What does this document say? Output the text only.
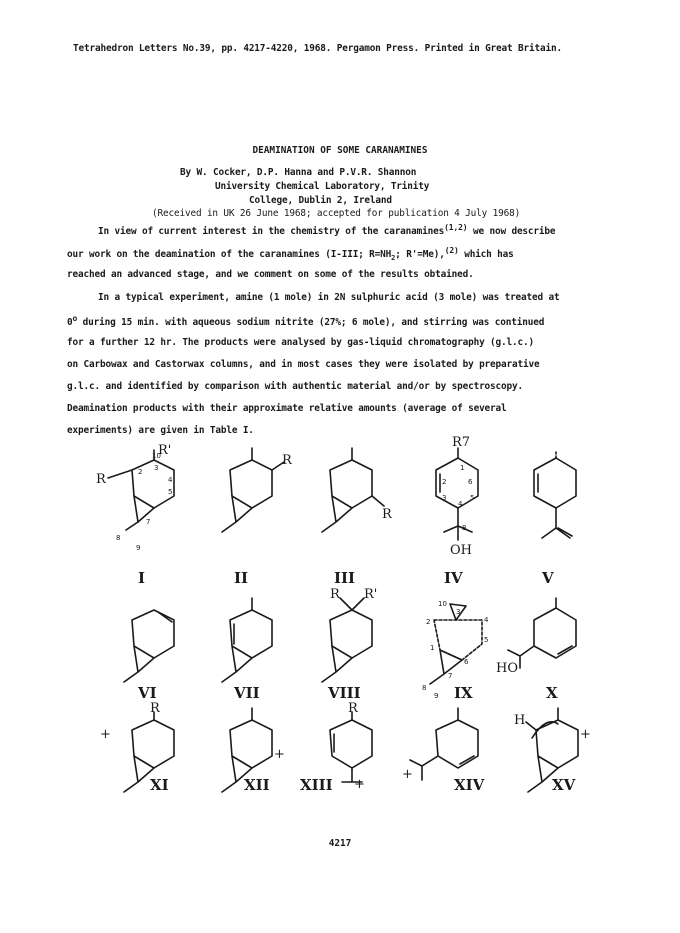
Tetrahedron Letters No.39, pp. 4217-4220, 1968. Pergamon Press. Printed in Great Britain.
DEAMINATION OF SOME CARANAMINES
By W. Cocker, D.P. Hanna and P.V.R. Shannon
University Chemical Laboratory, Trinity
College, Dublin 2, Ireland
(Received in UK 26 June 1968; accepted for publication 4 July 1968)
In view of current interest in the chemistry of the caranamines$^{(1,2)}$ we now describe
our work on the deamination of the caranamines (I-III; $R=NH_2$; R'=Me),$^{(2)}$ which has
reached an advanced stage, and we comment on some of the results obtained.
In a typical experiment, amine (1 mole) in 2N sulphuric acid (3 mole) was treated at
0$^o$ during 15 min. with aqueous sodium nitrite (27%; 6 mole), and stirring was continued
for a further 12 hr. The products were analysed by gas-liquid chromatography (g.l.c.)
on Carbowax and Castorwax columns, and in most cases they were isolated by preparative
g.l.c. and identified by comparison with authentic material and/or by spectroscopy.
Deamination products with their approximate relative amounts (average of several
experiments) are given in Table I.
R
10
R'
2 3
4
5
7
8
9
I
R
II
R
III
R7
1
2	6
3	5
4
8
OH
IV	V
VI	VII
R R'
VIII
10
3
2	4
5
1
6
7
8
9 IX
HO
X
R
+
XI
+
XII
R
+
XIII
+
XIV
H
+
XV
4217
